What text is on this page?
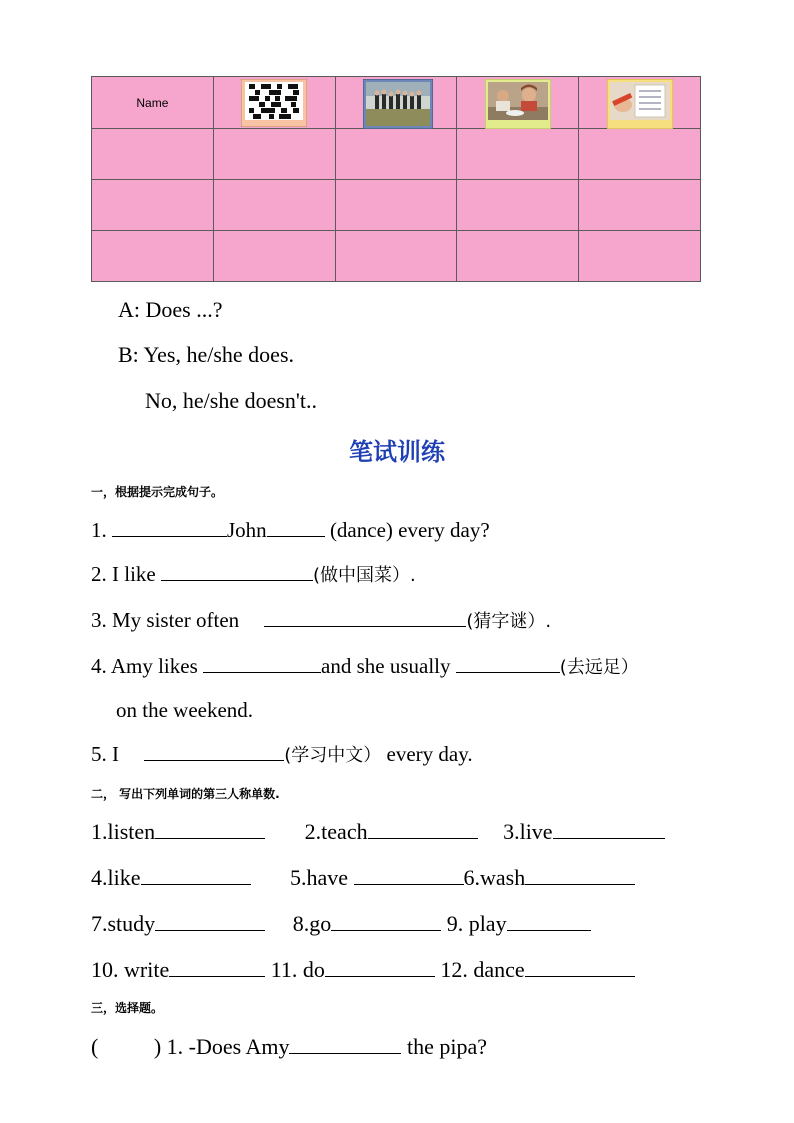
Name				

A: Does ...?
B: Yes, he/she does.
No, he/she doesn't..
笔试训练
一，根据提示完成句子。
1.	John	(dance) every day?
2. I like	(做中国菜）.
3. My sister often	(猜字谜）.
4. Amy likes	and she usually	(去远足）
on the weekend.
5. I	(学习中文） every day.
二， 写出下列单词的第三人称单数.
1.listen	2.teach	3.live
4.like	5.have	6.wash
7.study	8.go	9. play
10. write	11. do	12. dance
三，选择题。
(	) 1. -Does Amy	the pipa?
